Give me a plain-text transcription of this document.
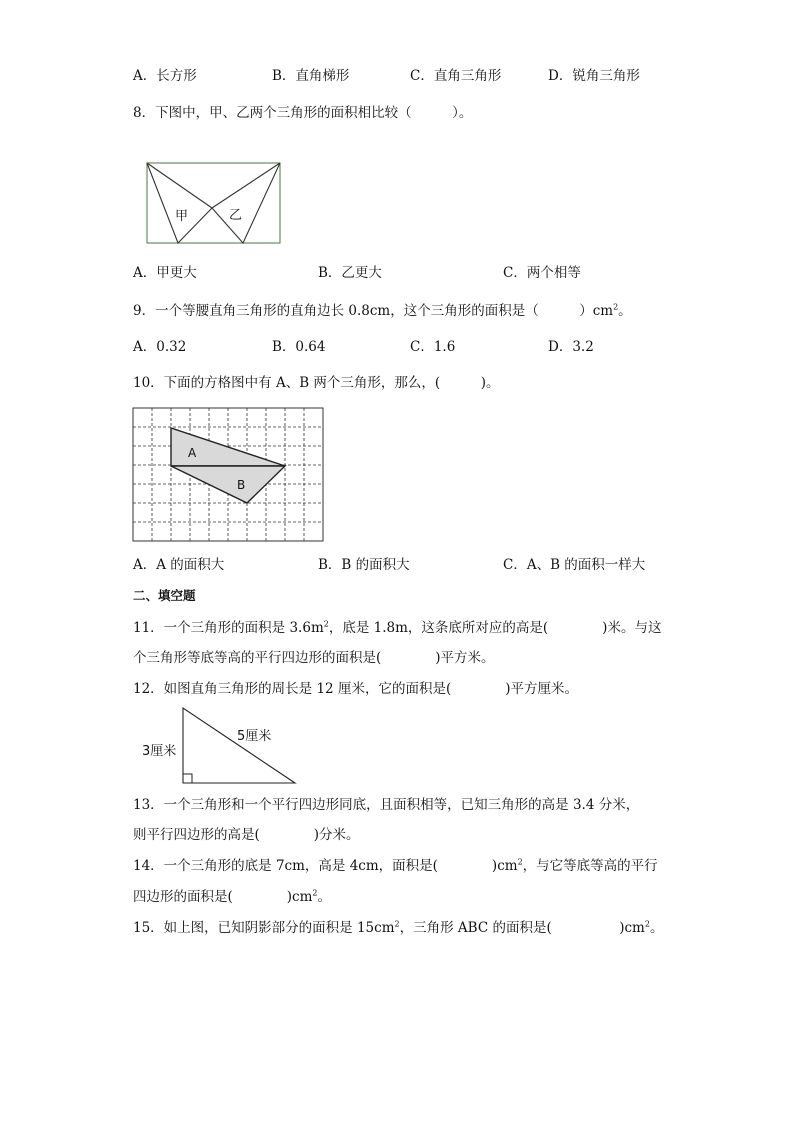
A．长方形	B．直角梯形	C．直角三角形	D．锐角三角形
8．下图中，甲、乙两个三角形的面积相比较（　　　）。
甲	乙
A．甲更大	B．乙更大	C．两个相等
9．一个等腰直角三角形的直角边长 0.8cm，这个三角形的面积是（　　　）$cm^2$。
A．0.32	B．0.64	C．1.6	D．3.2
10．下面的方格图中有 A、B 两个三角形，那么，(　　　)。
A
B
A．A 的面积大	B．B 的面积大	C．A、B 的面积一样大
二、填空题
11．一个三角形的面积是 $3.6m^2$，底是 1.8m，这条底所对应的高是(　　　　)米。与这
个三角形等底等高的平行四边形的面积是(　　　　)平方米。
12．如图直角三角形的周长是 12 厘米，它的面积是(　　　　)平方厘米。
3厘米
5厘米
13．一个三角形和一个平行四边形同底，且面积相等，已知三角形的高是 3.4 分米，
则平行四边形的高是(　　　　)分米。
14．一个三角形的底是 7cm，高是 4cm，面积是(　　　　)$cm^2$，与它等底等高的平行
四边形的面积是(　　　　)$cm^2$。
15．如上图，已知阴影部分的面积是 $15cm^2$，三角形 ABC 的面积是(　　　　　)$cm^2$。
